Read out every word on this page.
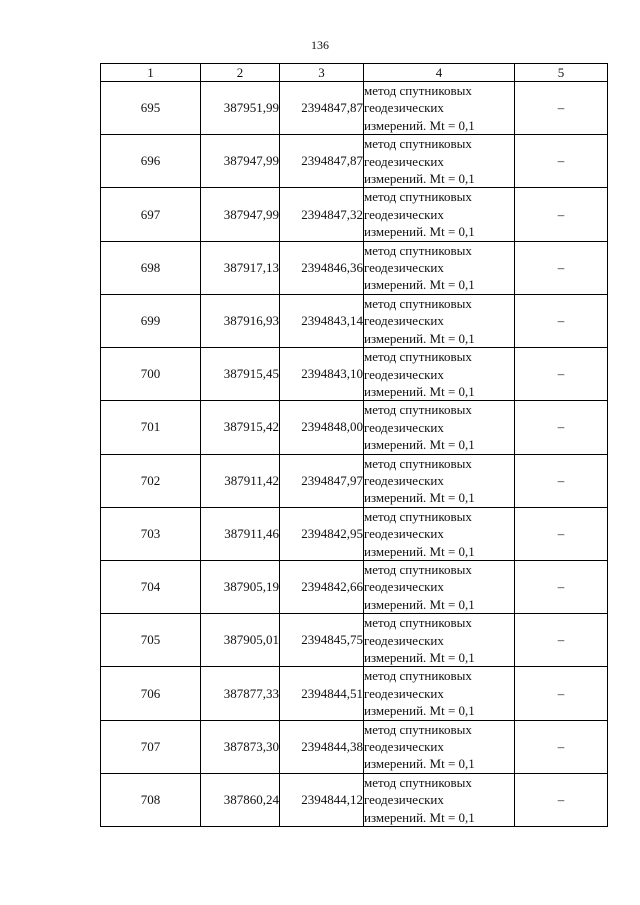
136
1	2	3	4	5
695	387951,99	2394847,87	метод спутниковых
геодезических
измерений. Mt = 0,1	–
696	387947,99	2394847,87	метод спутниковых
геодезических
измерений. Mt = 0,1	–
697	387947,99	2394847,32	метод спутниковых
геодезических
измерений. Mt = 0,1	–
698	387917,13	2394846,36	метод спутниковых
геодезических
измерений. Mt = 0,1	–
699	387916,93	2394843,14	метод спутниковых
геодезических
измерений. Mt = 0,1	–
700	387915,45	2394843,10	метод спутниковых
геодезических
измерений. Mt = 0,1	–
701	387915,42	2394848,00	метод спутниковых
геодезических
измерений. Mt = 0,1	–
702	387911,42	2394847,97	метод спутниковых
геодезических
измерений. Mt = 0,1	–
703	387911,46	2394842,95	метод спутниковых
геодезических
измерений. Mt = 0,1	–
704	387905,19	2394842,66	метод спутниковых
геодезических
измерений. Mt = 0,1	–
705	387905,01	2394845,75	метод спутниковых
геодезических
измерений. Mt = 0,1	–
706	387877,33	2394844,51	метод спутниковых
геодезических
измерений. Mt = 0,1	–
707	387873,30	2394844,38	метод спутниковых
геодезических
измерений. Mt = 0,1	–
708	387860,24	2394844,12	метод спутниковых
геодезических
измерений. Mt = 0,1	–
